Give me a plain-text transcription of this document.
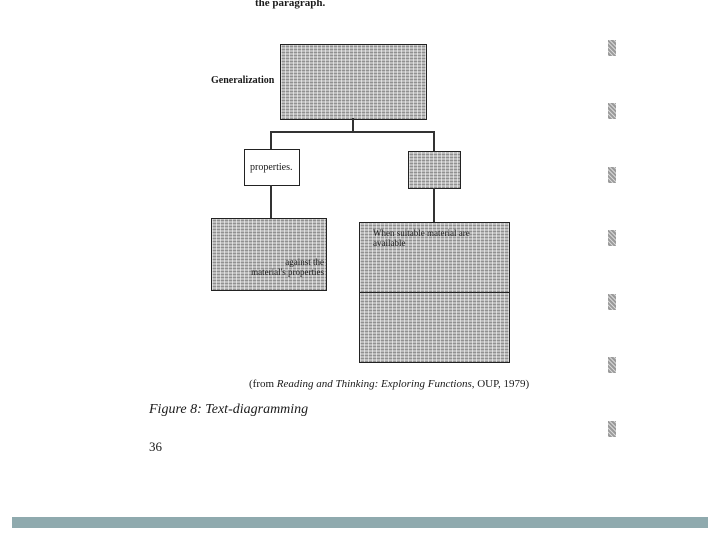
the paragraph.
Generalization
properties.
against the
material's properties
When suitable material are
available
(from Reading and Thinking: Exploring Functions, OUP, 1979)
Figure 8: Text-diagramming
36
